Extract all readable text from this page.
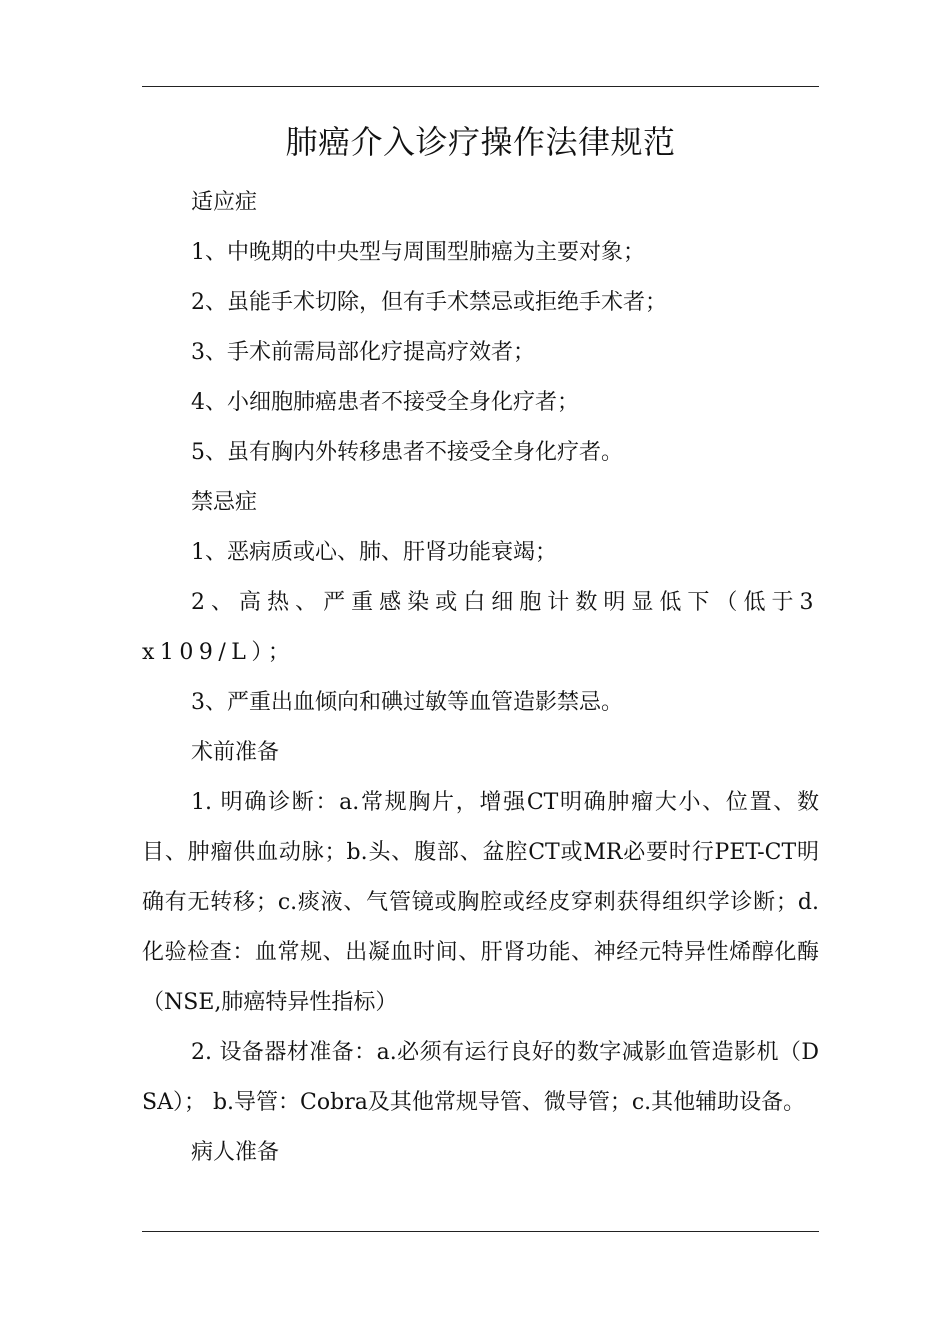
肺癌介入诊疗操作法律规范

适应症

1、中晚期的中央型与周围型肺癌为主要对象；

2、虽能手术切除，但有手术禁忌或拒绝手术者；

3、手术前需局部化疗提高疗效者；

4、小细胞肺癌患者不接受全身化疗者；

5、虽有胸内外转移患者不接受全身化疗者。

禁忌症

1、恶病质或心、肺、肝肾功能衰竭；

2、高热、严重感染或白细胞计数明显低下（低于3x109/L）；

3、严重出血倾向和碘过敏等血管造影禁忌。

术前准备

1. 明确诊断：a.常规胸片，增强CT明确肿瘤大小、位置、数目、肿瘤供血动脉；b.头、腹部、盆腔CT或MR必要时行PET-CT明确有无转移；c.痰液、气管镜或胸腔或经皮穿刺获得组织学诊断；d.化验检查：血常规、出凝血时间、肝肾功能、神经元特异性烯醇化酶（NSE,肺癌特异性指标）

2. 设备器材准备：a.必须有运行良好的数字减影血管造影机（DSA）； b.导管：Cobra及其他常规导管、微导管；c.其他辅助设备。

病人准备
